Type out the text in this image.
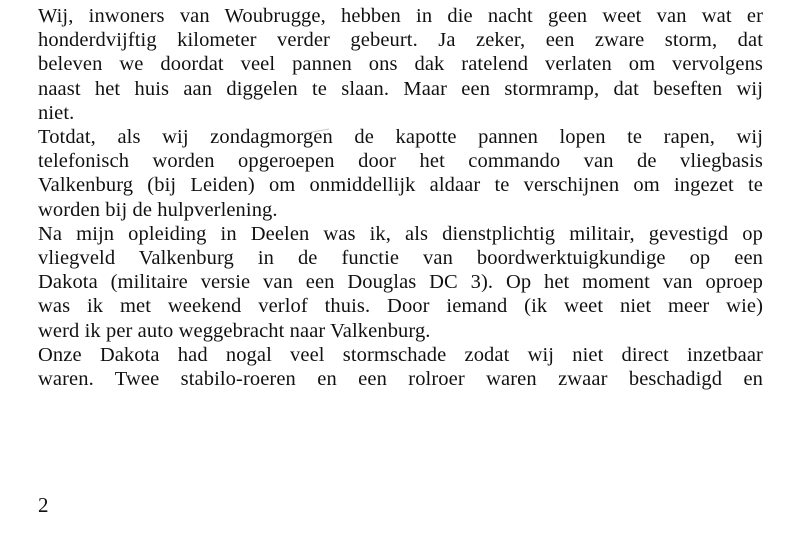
Wij, inwoners van Woubrugge, hebben in die nacht geen weet van wat er
honderdvijftig kilometer verder gebeurt. Ja zeker, een zware storm, dat
beleven we doordat veel pannen ons dak ratelend verlaten om vervolgens
naast het huis aan diggelen te slaan. Maar een stormramp, dat beseften wij
niet.
Totdat, als wij zondagmorgen de kapotte pannen lopen te rapen, wij
telefonisch worden opgeroepen door het commando van de vliegbasis
Valkenburg (bij Leiden) om onmiddellijk aldaar te verschijnen om ingezet te
worden bij de hulpverlening.
Na mijn opleiding in Deelen was ik, als dienstplichtig militair, gevestigd op
vliegveld Valkenburg in de functie van boordwerktuigkundige op een
Dakota (militaire versie van een Douglas DC 3). Op het moment van oproep
was ik met weekend verlof thuis. Door iemand (ik weet niet meer wie)
werd ik per auto weggebracht naar Valkenburg.
Onze Dakota had nogal veel stormschade zodat wij niet direct inzetbaar
waren. Twee stabilo-roeren en een rolroer waren zwaar beschadigd en
2
